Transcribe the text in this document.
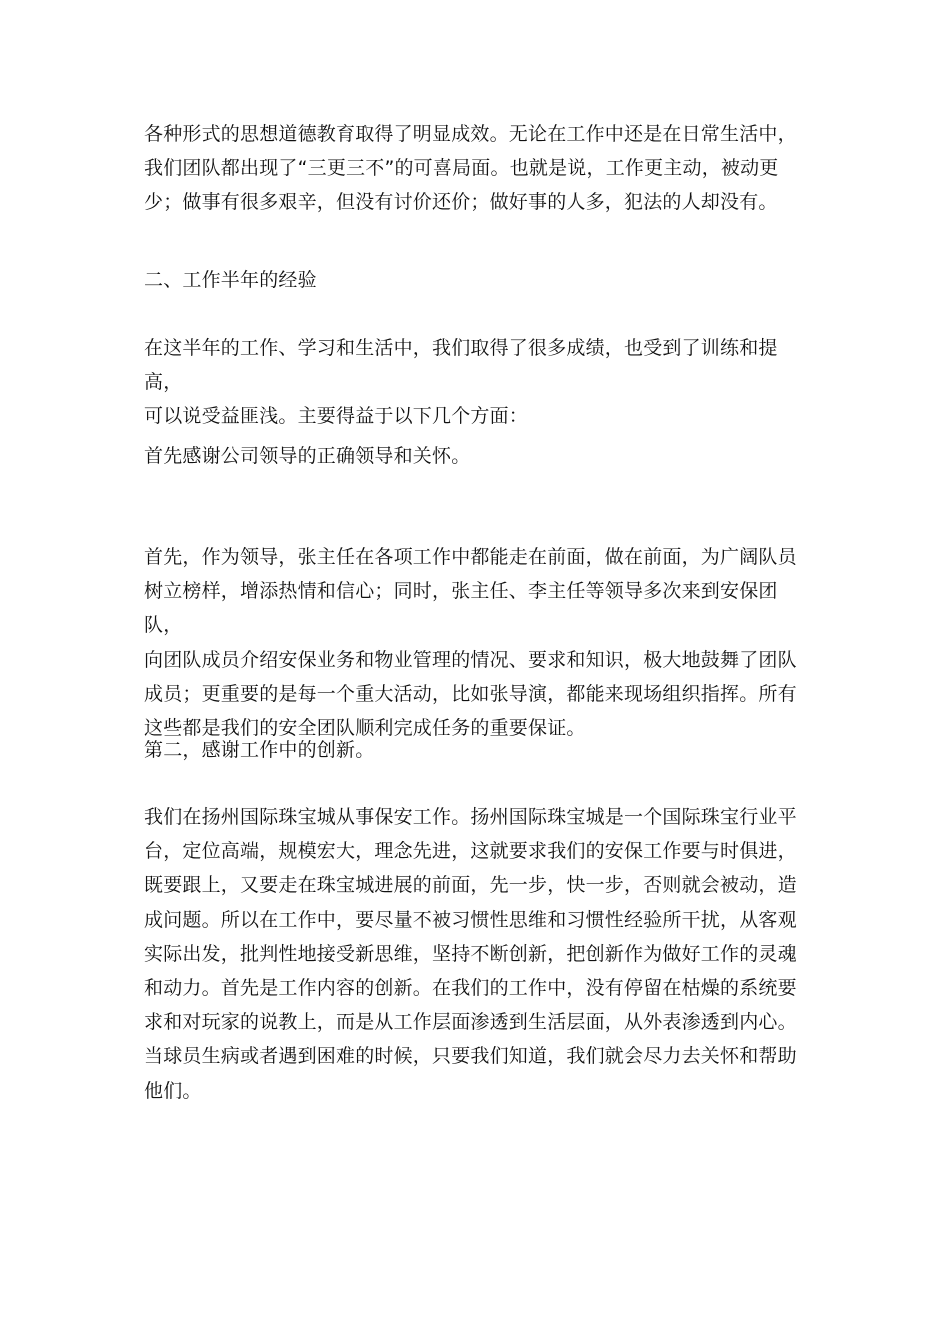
各种形式的思想道德教育取得了明显成效。无论在工作中还是在日常生活中，
我们团队都出现了“三更三不”的可喜局面。也就是说，工作更主动，被动更
少；做事有很多艰辛，但没有讨价还价；做好事的人多，犯法的人却没有。

二、工作半年的经验

在这半年的工作、学习和生活中，我们取得了很多成绩，也受到了训练和提高，
可以说受益匪浅。主要得益于以下几个方面：

首先感谢公司领导的正确领导和关怀。

首先，作为领导，张主任在各项工作中都能走在前面，做在前面，为广阔队员
树立榜样，增添热情和信心；同时，张主任、李主任等领导多次来到安保团队，
向团队成员介绍安保业务和物业管理的情况、要求和知识，极大地鼓舞了团队
成员；更重要的是每一个重大活动，比如张导演，都能来现场组织指挥。所有
这些都是我们的安全团队顺利完成任务的重要保证。

第二，感谢工作中的创新。

我们在扬州国际珠宝城从事保安工作。扬州国际珠宝城是一个国际珠宝行业平
台，定位高端，规模宏大，理念先进，这就要求我们的安保工作要与时俱进，
既要跟上，又要走在珠宝城进展的前面，先一步，快一步，否则就会被动，造
成问题。所以在工作中，要尽量不被习惯性思维和习惯性经验所干扰，从客观
实际出发，批判性地接受新思维，坚持不断创新，把创新作为做好工作的灵魂
和动力。首先是工作内容的创新。在我们的工作中，没有停留在枯燥的系统要
求和对玩家的说教上，而是从工作层面渗透到生活层面，从外表渗透到内心。
当球员生病或者遇到困难的时候，只要我们知道，我们就会尽力去关怀和帮助
他们。
